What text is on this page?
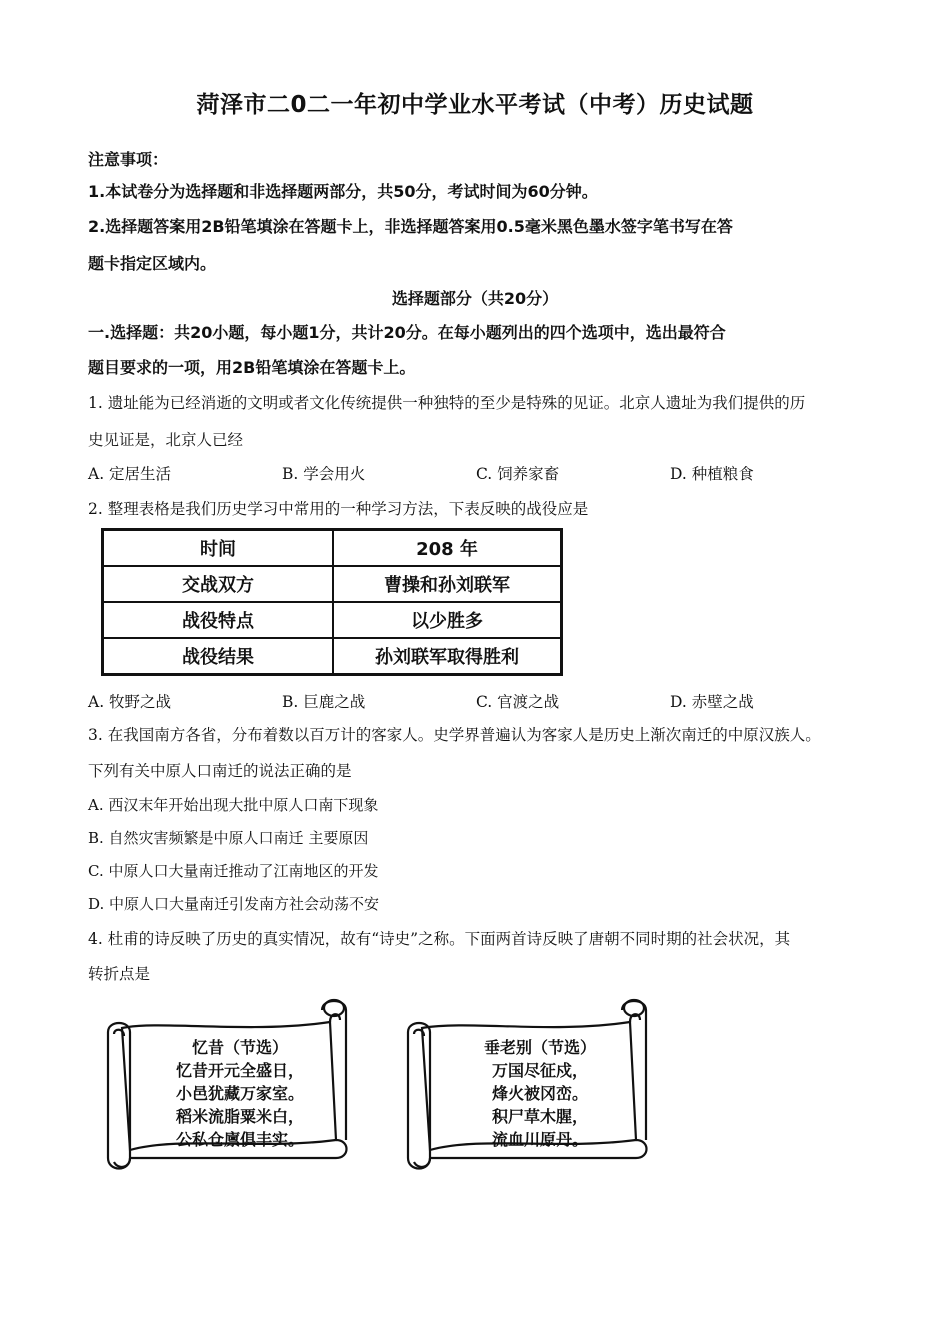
菏泽市二0二一年初中学业水平考试（中考）历史试题
注意事项：
1.本试卷分为选择题和非选择题两部分，共50分，考试时间为60分钟。
2.选择题答案用2B铅笔填涂在答题卡上，非选择题答案用0.5毫米黑色墨水签字笔书写在答
题卡指定区域内。
选择题部分（共20分）
一.选择题：共20小题，每小题1分，共计20分。在每小题列出的四个选项中，选出最符合
题目要求的一项，用2B铅笔填涂在答题卡上。
1. 遗址能为已经消逝的文明或者文化传统提供一种独特的至少是特殊的见证。北京人遗址为我们提供的历
史见证是，北京人已经
A. 定居生活	B. 学会用火	C. 饲养家畜	D. 种植粮食
2. 整理表格是我们历史学习中常用的一种学习方法，下表反映的战役应是
时间	208 年
交战双方	曹操和孙刘联军
战役特点	以少胜多
战役结果	孙刘联军取得胜利
A. 牧野之战	B. 巨鹿之战	C. 官渡之战	D. 赤壁之战
3. 在我国南方各省，分布着数以百万计的客家人。史学界普遍认为客家人是历史上渐次南迁的中原汉族人。
下列有关中原人口南迁的说法正确的是
A. 西汉末年开始出现大批中原人口南下现象
B. 自然灾害频繁是中原人口南迁 主要原因
C. 中原人口大量南迁推动了江南地区的开发
D. 中原人口大量南迁引发南方社会动荡不安
4. 杜甫的诗反映了历史的真实情况，故有“诗史”之称。下面两首诗反映了唐朝不同时期的社会状况，其
转折点是
忆昔（节选）
忆昔开元全盛日，
小邑犹藏万家室。
稻米流脂粟米白，
公私仓廪俱丰实。
垂老别（节选）
万国尽征戍，
烽火被冈峦。
积尸草木腥，
流血川原丹。
